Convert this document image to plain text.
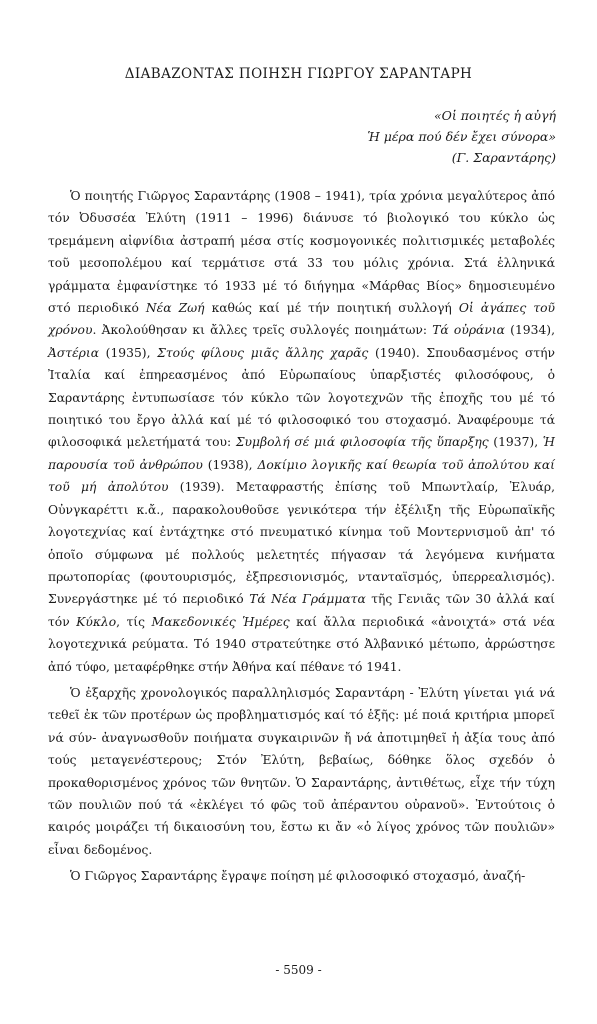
ΔΙΑΒΑΖΟΝΤΑΣ ΠΟΙΗΣΗ ΓΙΩΡΓΟΥ ΣΑΡΑΝΤΑΡΗ
«Οἱ ποιητές ἡ αὐγή
Ἡ μέρα πού δέν ἔχει σύνορα»
(Γ. Σαραντάρης)

Ὁ ποιητής Γιῶργος Σαραντάρης (1908 – 1941), τρία χρόνια μεγαλύτερος ἀπό τόν Ὀδυσσέα Ἐλύτη (1911 – 1996) διάνυσε τό βιολογικό του κύκλο ὡς τρεμάμενη αἰφνίδια ἀστραπή μέσα στίς κοσμογονικές πολιτισμικές μεταβολές τοῦ μεσοπολέμου καί τερμάτισε στά 33 του μόλις χρόνια. Στά ἑλληνικά γράμματα ἐμφανίστηκε τό 1933 μέ τό διήγημα «Μάρθας Βίος» δημοσιευμένο στό περιοδικό Νέα Ζωή καθώς καί μέ τήν ποιητική συλλογή Οἱ ἀγάπες τοῦ χρόνου. Ἀκολούθησαν κι ἄλλες τρεῖς συλλογές ποιημάτων: Τά οὐράνια (1934), Ἀστέρια (1935), Στούς φίλους μιᾶς ἄλλης χαρᾶς (1940). Σπουδασμένος στήν Ἰταλία καί ἐπηρεασμένος ἀπό Εὐρωπαίους ὑπαρξιστές φιλοσόφους, ὁ Σαραντάρης ἐντυπωσίασε τόν κύκλο τῶν λογοτεχνῶν τῆς ἐποχῆς του μέ τό ποιητικό του ἔργο ἀλλά καί μέ τό φιλοσοφικό του στοχασμό. Ἀναφέρουμε τά φιλοσοφικά μελετήματά του: Συμβολή σέ μιά φιλοσοφία τῆς ὕπαρξης (1937), Ἡ παρουσία τοῦ ἀνθρώπου (1938), Δοκίμιο λογικῆς καί θεωρία τοῦ ἀπολύτου καί τοῦ μή ἀπολύτου (1939). Μεταφραστής ἐπίσης τοῦ Μπωντλαίρ, Ἐλυάρ, Οὐνγκαρέττι κ.ἄ., παρακολουθοῦσε γενικότερα τήν ἐξέλιξη τῆς Εὐρωπαϊκῆς λογοτεχνίας καί ἐντάχτηκε στό πνευματικό κίνημα τοῦ Μοντερνισμοῦ ἀπ' τό ὁποῖο σύμφωνα μέ πολλούς μελετητές πήγασαν τά λεγόμενα κινήματα πρωτοπορίας (φουτουρισμός, ἐξπρεσιονισμός, ντανταϊσμός, ὑπερρεαλισμός). Συνεργάστηκε μέ τό περιοδικό Τά Νέα Γράμματα τῆς Γενιᾶς τῶν 30 ἀλλά καί τόν Κύκλο, τίς Μακεδονικές Ἡμέρες καί ἄλλα περιοδικά «ἀνοιχτά» στά νέα λογοτεχνικά ρεύματα. Τό 1940 στρατεύτηκε στό Ἀλβανικό μέτωπο, ἀρρώστησε ἀπό τύφο, μεταφέρθηκε στήν Ἀθήνα καί πέθανε τό 1941.

Ὁ ἐξαρχῆς χρονολογικός παραλληλισμός Σαραντάρη - Ἐλύτη γίνεται γιά νά τεθεῖ ἐκ τῶν προτέρων ὡς προβληματισμός καί τό ἑξῆς: μέ ποιά κριτήρια μπορεῖ νά σύν- ἀναγνωσθοῦν ποιήματα συγκαιρινῶν ἤ νά ἀποτιμηθεῖ ἡ ἀξία τους ἀπό τούς μεταγενέστερους; Στόν Ἐλύτη, βεβαίως, δόθηκε ὅλος σχεδόν ὁ προκαθορισμένος χρόνος τῶν θνητῶν. Ὁ Σαραντάρης, ἀντιθέτως, εἶχε τήν τύχη τῶν πουλιῶν πού τά «ἐκλέγει τό φῶς τοῦ ἀπέραντου οὐρανοῦ». Ἐντούτοις ὁ καιρός μοιράζει τή δικαιοσύνη του, ἔστω κι ἄν «ὁ λίγος χρόνος τῶν πουλιῶν» εἶναι δεδομένος.

Ὁ Γιῶργος Σαραντάρης ἔγραψε ποίηση μέ φιλοσοφικό στοχασμό, ἀναζή-

- 5509 -
